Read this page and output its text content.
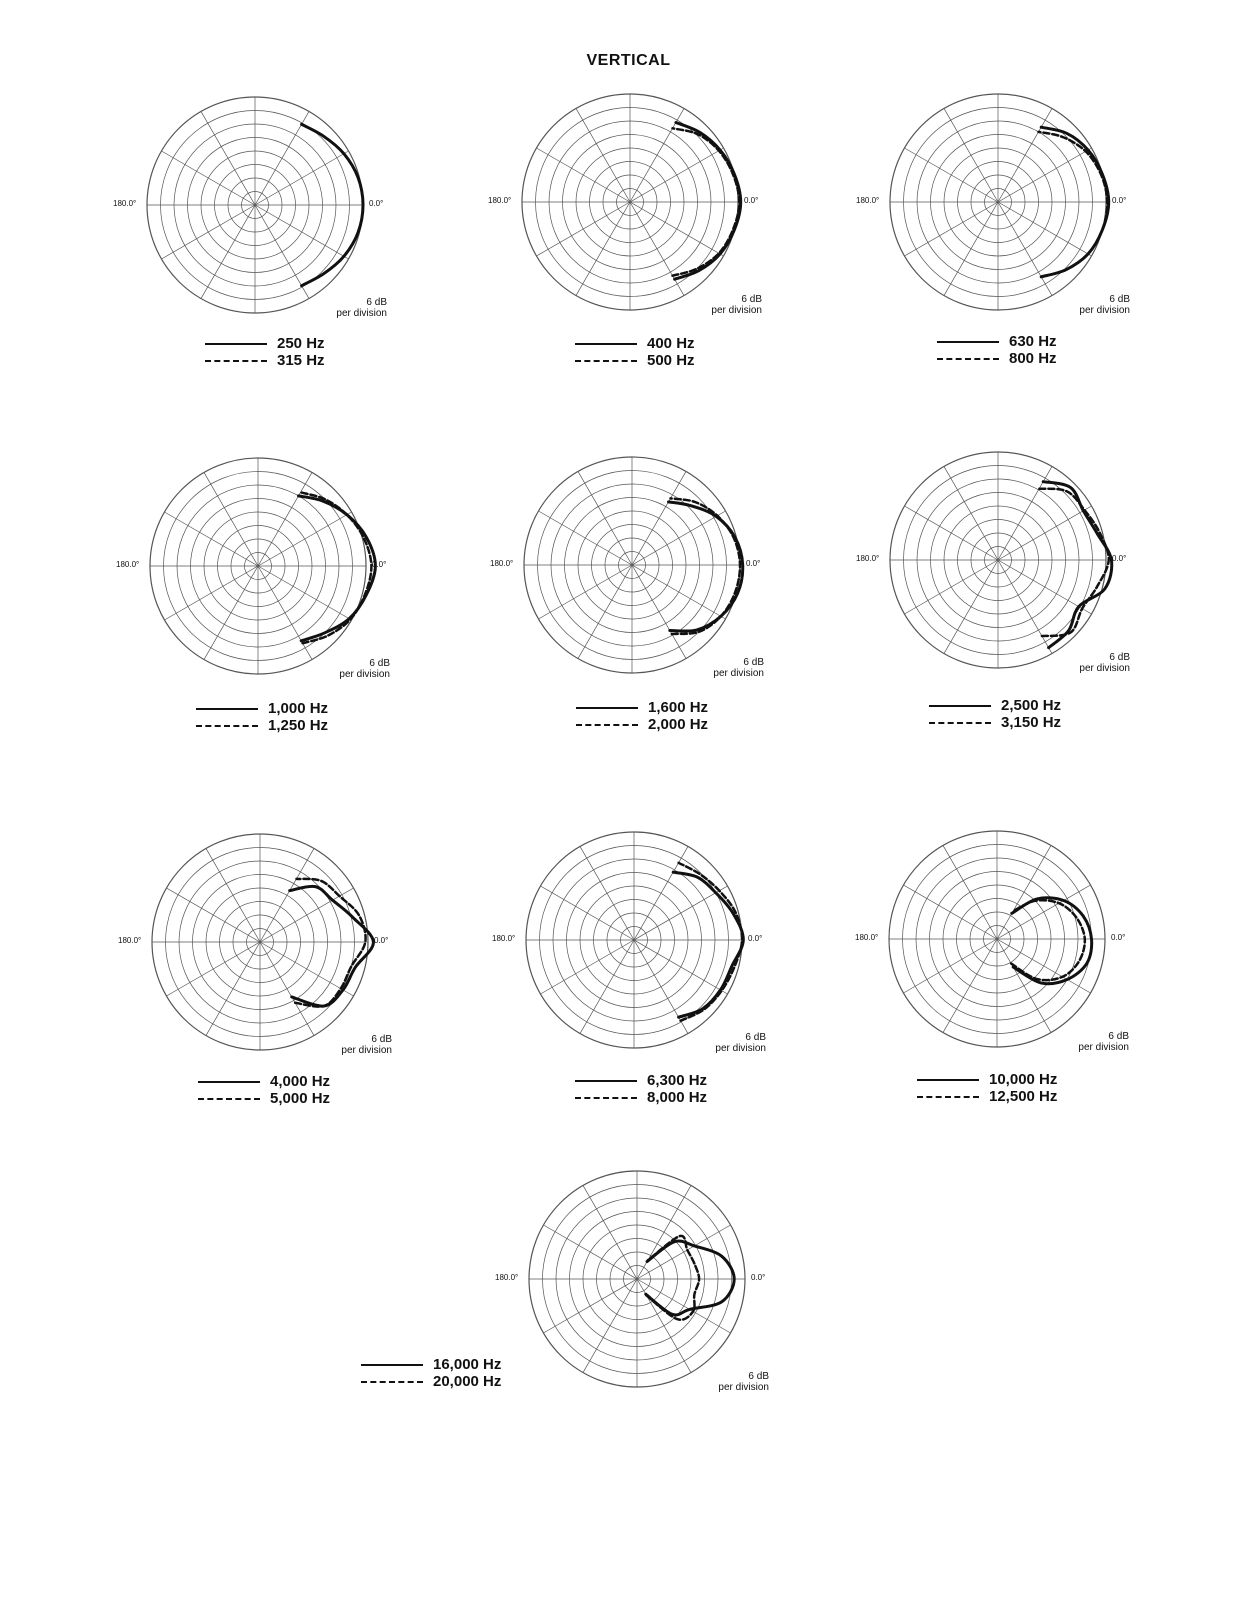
VERTICAL
180.0°	0.0°
6 dB
per division
250 Hz
315 Hz
180.0°	0.0°
6 dB
per division
400 Hz
500 Hz
180.0°	0.0°
6 dB
per division
630 Hz
800 Hz
180.0°	0.0°
6 dB
per division
1,000 Hz
1,250 Hz
180.0°	0.0°
6 dB
per division
1,600 Hz
2,000 Hz
180.0°	0.0°
6 dB
per division
2,500 Hz
3,150 Hz
180.0°	0.0°
6 dB
per division
4,000 Hz
5,000 Hz
180.0°	0.0°
6 dB
per division
6,300 Hz
8,000 Hz
180.0°	0.0°
6 dB
per division
10,000 Hz
12,500 Hz
180.0°	0.0°
6 dB
per division
16,000 Hz
20,000 Hz
